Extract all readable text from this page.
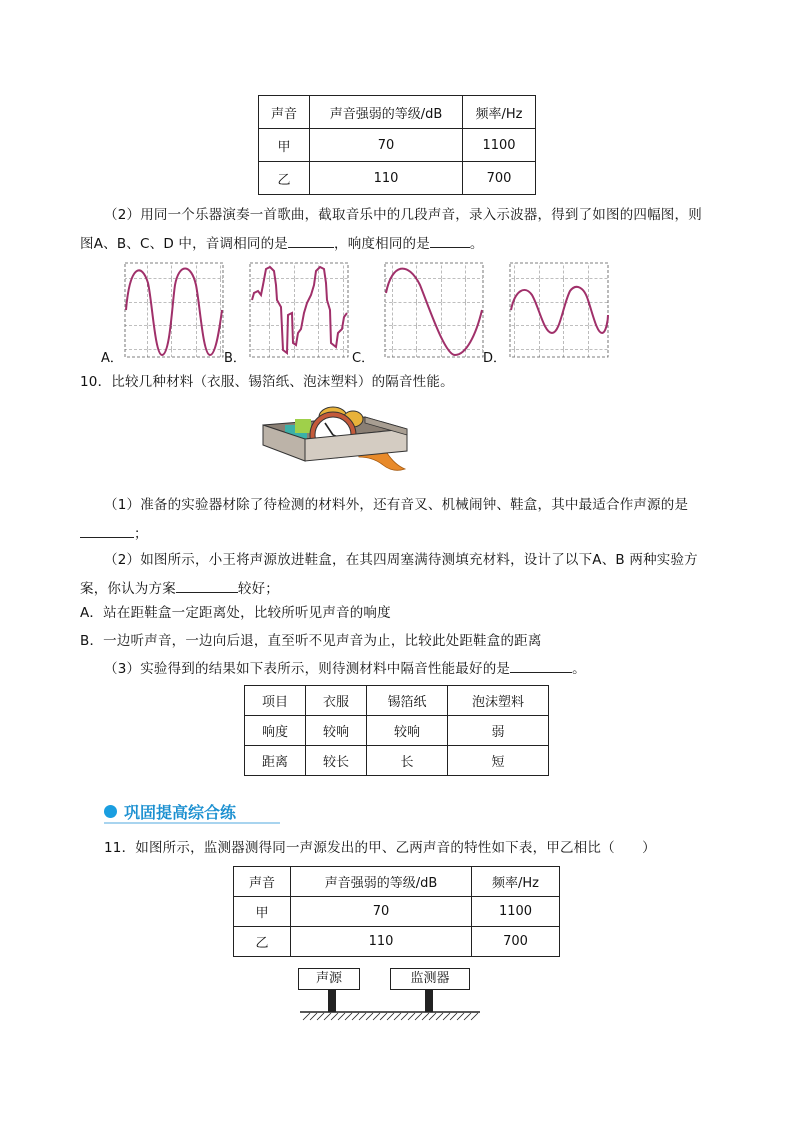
声音	声音强弱的等级/dB	频率/Hz
甲	70	1100
乙	110	700
（2）用同一个乐器演奏一首歌曲，截取音乐中的几段声音，录入示波器，得到了如图的四幅图，则
图A、B、C、D 中，音调相同的是	，响度相同的是	。
A．	B．	C．	D．
10．比较几种材料（衣服、锡箔纸、泡沫塑料）的隔音性能。
（1）准备的实验器材除了待检测的材料外，还有音叉、机械闹钟、鞋盒，其中最适合作声源的是
；
（2）如图所示，小王将声源放进鞋盒，在其四周塞满待测填充材料，设计了以下A、B 两种实验方
案，你认为方案	较好；
A．站在距鞋盒一定距离处，比较所听见声音的响度
B．一边听声音，一边向后退，直至听不见声音为止，比较此处距鞋盒的距离
（3）实验得到的结果如下表所示，则待测材料中隔音性能最好的是	。
项目	衣服	锡箔纸	泡沫塑料
响度	较响	较响	弱
距离	较长	长	短
巩固提高综合练
11．如图所示，监测器测得同一声源发出的甲、乙两声音的特性如下表，甲乙相比（　　）
声音	声音强弱的等级/dB	频率/Hz
甲	70	1100
乙	110	700
声源	监测器
